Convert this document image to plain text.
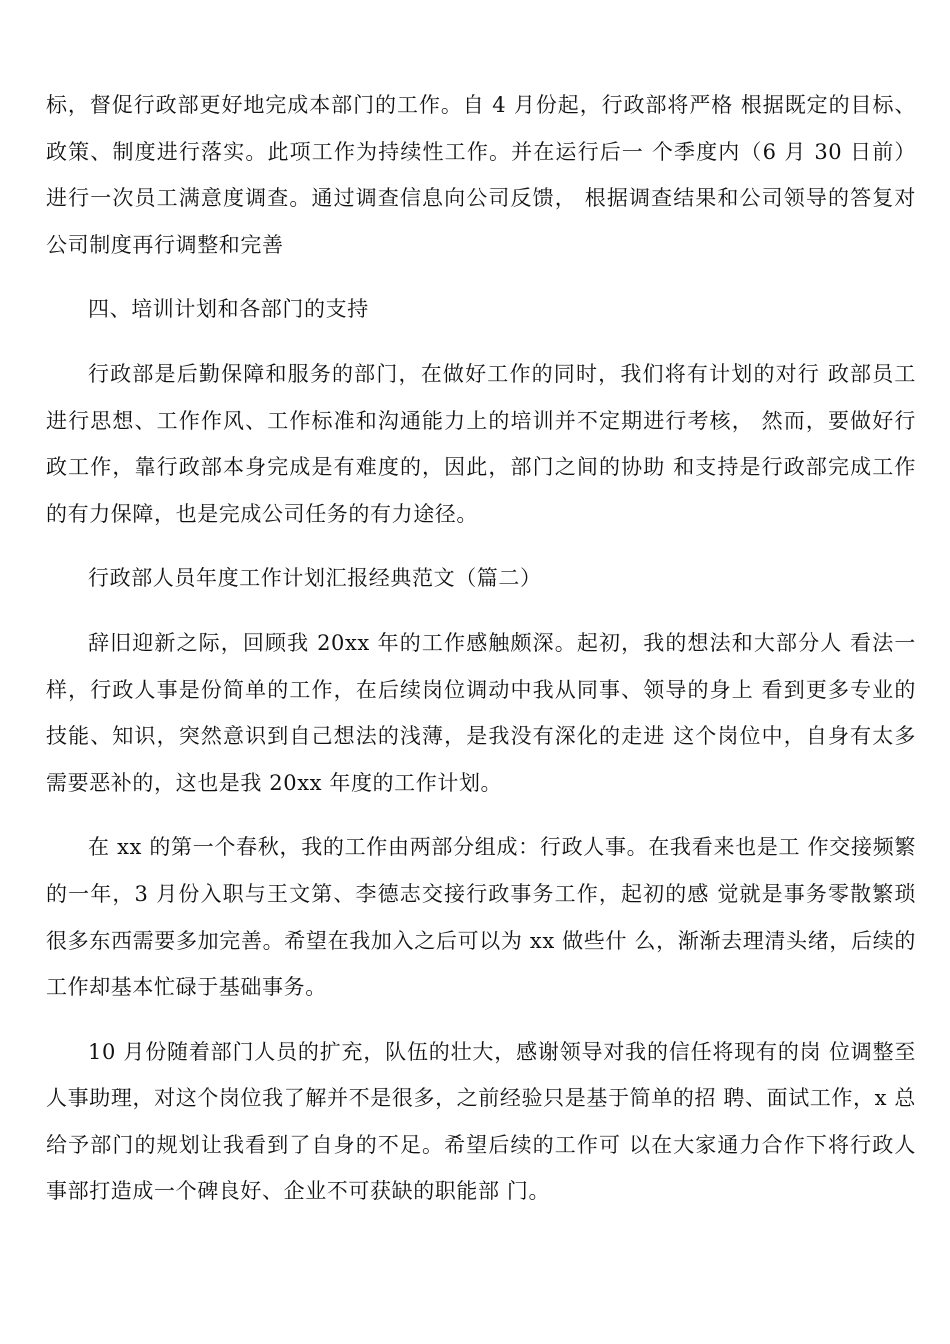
标，督促行政部更好地完成本部门的工作。自 4 月份起，行政部将严格 根据既定的目标、政策、制度进行落实。此项工作为持续性工作。并在运行后一 个季度内（6 月 30 日前）进行一次员工满意度调查。通过调查信息向公司反馈， 根据调查结果和公司领导的答复对公司制度再行调整和完善

四、培训计划和各部门的支持

行政部是后勤保障和服务的部门，在做好工作的同时，我们将有计划的对行 政部员工进行思想、工作作风、工作标准和沟通能力上的培训并不定期进行考核， 然而，要做好行政工作，靠行政部本身完成是有难度的，因此，部门之间的协助 和支持是行政部完成工作的有力保障，也是完成公司任务的有力途径。

行政部人员年度工作计划汇报经典范文（篇二）

辞旧迎新之际，回顾我 20xx 年的工作感触颇深。起初，我的想法和大部分人 看法一样，行政人事是份简单的工作，在后续岗位调动中我从同事、领导的身上 看到更多专业的技能、知识，突然意识到自己想法的浅薄，是我没有深化的走进 这个岗位中，自身有太多需要恶补的，这也是我 20xx 年度的工作计划。

在 xx 的第一个春秋，我的工作由两部分组成：行政人事。在我看来也是工 作交接频繁的一年，3 月份入职与王文第、李德志交接行政事务工作，起初的感 觉就是事务零散繁琐很多东西需要多加完善。希望在我加入之后可以为 xx 做些什 么，渐渐去理清头绪，后续的工作却基本忙碌于基础事务。

10 月份随着部门人员的扩充，队伍的壮大，感谢领导对我的信任将现有的岗 位调整至人事助理，对这个岗位我了解并不是很多，之前经验只是基于简单的招 聘、面试工作，x 总给予部门的规划让我看到了自身的不足。希望后续的工作可 以在大家通力合作下将行政人事部打造成一个碑良好、企业不可获缺的职能部 门。
